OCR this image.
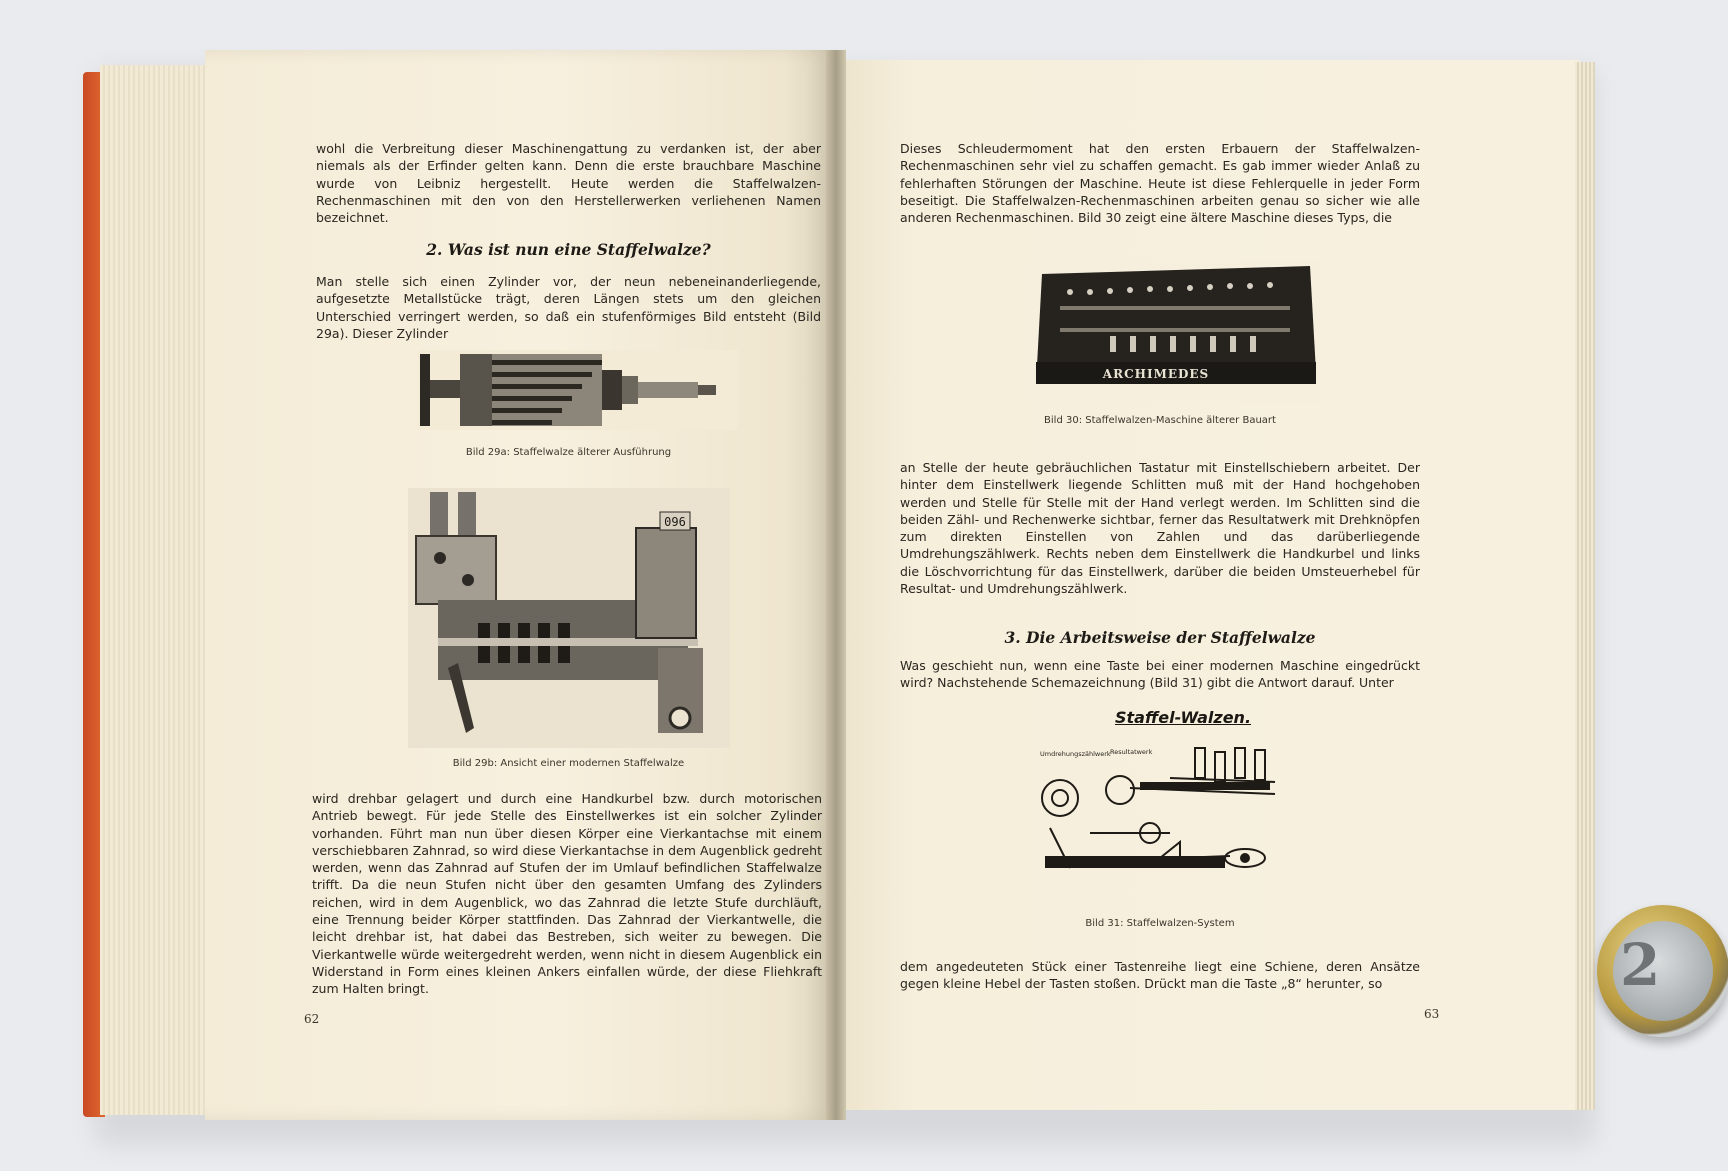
wohl die Verbreitung dieser Maschinengattung zu verdanken ist, der aber niemals als der Erfinder gelten kann. Denn die erste brauchbare Maschine wurde von Leibniz hergestellt. Heute werden die Staffelwalzen-Rechenmaschinen mit den von den Herstellerwerken verliehenen Namen bezeichnet.
2. Was ist nun eine Staffelwalze?
Man stelle sich einen Zylinder vor, der neun nebeneinanderliegende, aufgesetzte Metallstücke trägt, deren Längen stets um den gleichen Unterschied verringert werden, so daß ein stufenförmiges Bild entsteht (Bild 29a). Dieser Zylinder
Bild 29a: Staffelwalze älterer Ausführung
096
Bild 29b: Ansicht einer modernen Staffelwalze
wird drehbar gelagert und durch eine Handkurbel bzw. durch motorischen Antrieb bewegt. Für jede Stelle des Einstellwerkes ist ein solcher Zylinder vorhanden. Führt man nun über diesen Körper eine Vierkantachse mit einem verschiebbaren Zahnrad, so wird diese Vierkantachse in dem Augenblick gedreht werden, wenn das Zahnrad auf Stufen der im Umlauf befindlichen Staffelwalze trifft. Da die neun Stufen nicht über den gesamten Umfang des Zylinders reichen, wird in dem Augenblick, wo das Zahnrad die letzte Stufe durchläuft, eine Trennung beider Körper stattfinden. Das Zahnrad der Vierkantwelle, die leicht drehbar ist, hat dabei das Bestreben, sich weiter zu bewegen. Die Vierkantwelle würde weitergedreht werden, wenn nicht in diesem Augenblick ein Widerstand in Form eines kleinen Ankers einfallen würde, der diese Fliehkraft zum Halten bringt.
62
Dieses Schleudermoment hat den ersten Erbauern der Staffelwalzen-Rechenmaschinen sehr viel zu schaffen gemacht. Es gab immer wieder Anlaß zu fehlerhaften Störungen der Maschine. Heute ist diese Fehlerquelle in jeder Form beseitigt. Die Staffelwalzen-Rechenmaschinen arbeiten genau so sicher wie alle anderen Rechenmaschinen. Bild 30 zeigt eine ältere Maschine dieses Typs, die
ARCHIMEDES
Bild 30: Staffelwalzen-Maschine älterer Bauart
an Stelle der heute gebräuchlichen Tastatur mit Einstellschiebern arbeitet. Der hinter dem Einstellwerk liegende Schlitten muß mit der Hand hochgehoben werden und Stelle für Stelle mit der Hand verlegt werden. Im Schlitten sind die beiden Zähl- und Rechenwerke sichtbar, ferner das Resultatwerk mit Drehknöpfen zum direkten Einstellen von Zahlen und das darüberliegende Umdrehungszählwerk. Rechts neben dem Einstellwerk die Handkurbel und links die Löschvorrichtung für das Einstellwerk, darüber die beiden Umsteuerhebel für Resultat- und Umdrehungszählwerk.
3. Die Arbeitsweise der Staffelwalze
Was geschieht nun, wenn eine Taste bei einer modernen Maschine eingedrückt wird? Nachstehende Schemazeichnung (Bild 31) gibt die Antwort darauf. Unter
Staffel-Walzen.
Umdrehungszählwerk Resultatwerk
Bild 31: Staffelwalzen-System
dem angedeuteten Stück einer Tastenreihe liegt eine Schiene, deren Ansätze gegen kleine Hebel der Tasten stoßen. Drückt man die Taste „8“ herunter, so
63
2
